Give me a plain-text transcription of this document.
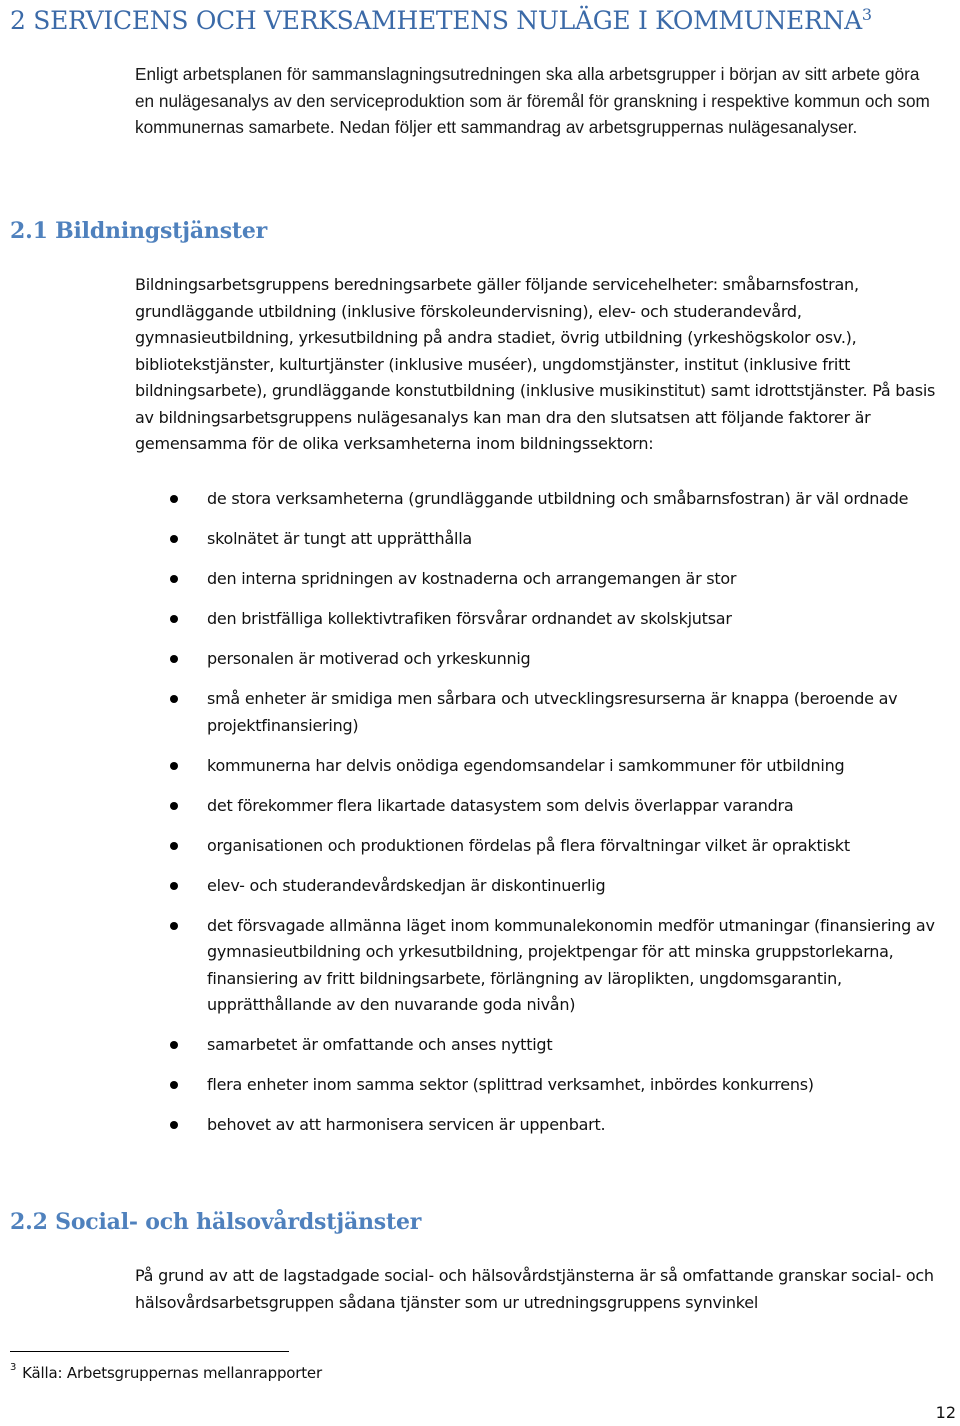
2 SERVICENS OCH VERKSAMHETENS NULÄGE I KOMMUNERNA$^3$

Enligt arbetsplanen för sammanslagningsutredningen ska alla arbetsgrupper i början av sitt arbete göra en nulägesanalys av den serviceproduktion som är föremål för granskning i respektive kommun och som kommunernas samarbete. Nedan följer ett sammandrag av arbetsgruppernas nulägesanalyser.

2.1 Bildningstjänster

Bildningsarbetsgruppens beredningsarbete gäller följande servicehelheter: småbarnsfostran, grundläggande utbildning (inklusive förskoleundervisning), elev- och studerandevård, gymnasieutbildning, yrkesutbildning på andra stadiet, övrig utbildning (yrkeshögskolor osv.), bibliotekstjänster, kulturtjänster (inklusive muséer), ungdomstjänster, institut (inklusive fritt bildningsarbete), grundläggande konstutbildning (inklusive musikinstitut) samt idrottstjänster. På basis av bildningsarbetsgruppens nulägesanalys kan man dra den slutsatsen att följande faktorer är gemensamma för de olika verksamheterna inom bildningssektorn:

de stora verksamheterna (grundläggande utbildning och småbarnsfostran) är väl ordnade
skolnätet är tungt att upprätthålla
den interna spridningen av kostnaderna och arrangemangen är stor
den bristfälliga kollektivtrafiken försvårar ordnandet av skolskjutsar
personalen är motiverad och yrkeskunnig
små enheter är smidiga men sårbara och utvecklingsresurserna är knappa (beroende av projektfinansiering)
kommunerna har delvis onödiga egendomsandelar i samkommuner för utbildning
det förekommer flera likartade datasystem som delvis överlappar varandra
organisationen och produktionen fördelas på flera förvaltningar vilket är opraktiskt
elev- och studerandevårdskedjan är diskontinuerlig
det försvagade allmänna läget inom kommunalekonomin medför utmaningar (finansiering av gymnasieutbildning och yrkesutbildning, projektpengar för att minska gruppstorlekarna, finansiering av fritt bildningsarbete, förlängning av läroplikten, ungdomsgarantin, upprätthållande av den nuvarande goda nivån)
samarbetet är omfattande och anses nyttigt
flera enheter inom samma sektor (splittrad verksamhet, inbördes konkurrens)
behovet av att harmonisera servicen är uppenbart.
2.2 Social- och hälsovårdstjänster

På grund av att de lagstadgade social- och hälsovårdstjänsterna är så omfattande granskar social- och hälsovårdsarbetsgruppen sådana tjänster som ur utredningsgruppens synvinkel

$^3$ Källa: Arbetsgruppernas mellanrapporter

12
